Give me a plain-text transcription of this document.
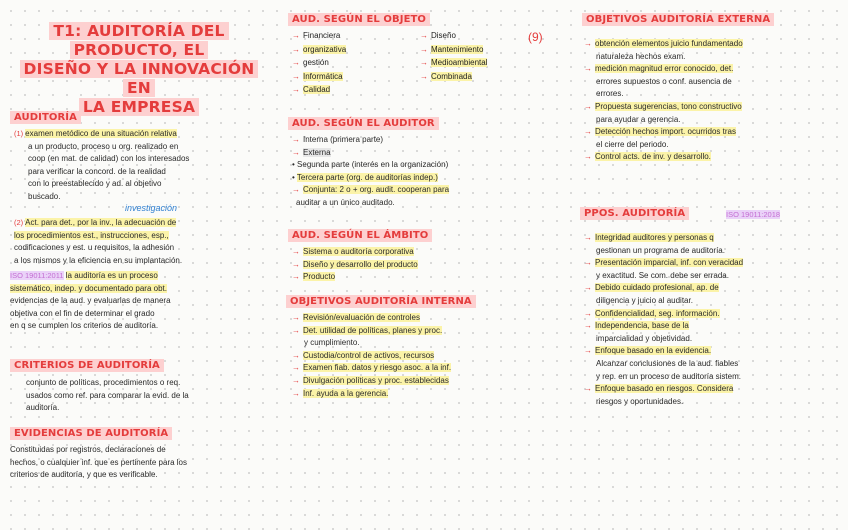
T1: AUDITORÍA DEL PRODUCTO, EL
DISEÑO Y LA INNOVACIÓN EN
LA EMPRESA
AUDITORÍA

(1) examen metódico de una situación relativa

a un producto, proceso u org. realizado en

coop (en mat. de calidad) con los interesados

para verificar la concord. de la realidad

con lo preestablecido y ad. al objetivo

buscado.

investigación

(2) Act. para det., por la inv., la adecuación de

los procedimientos est., instrucciones, esp.,

codificaciones y est. u requisitos, la adhesión

a los mismos y la eficiencia en su implantación.

ISO 19011:2011 la auditoría es un proceso

sistemático, indep. y documentado para obt.

evidencias de la aud. y evaluarlas de manera

objetiva con el fin de determinar el grado

en q se cumplen los criterios de auditoría.

CRITERIOS DE AUDITORÍA

conjunto de políticas, procedimientos o req.

usados como ref. para comparar la evid. de la

auditoría.

EVIDENCIAS DE AUDITORÍA

Constituidas por registros, declaraciones de

hechos, o cualquier inf. que es pertinente para los

criterios de auditoría, y que es verificable.

AUD. SEGÚN EL OBJETO
(9)
→ Financiera	→ Diseño
→ organizativa	→ Mantenimiento
→ gestión	→ Medioambiental
→ Informática	→ Combinada
→ Calidad
AUD. SEGÚN EL AUDITOR

→ Interna (primera parte)

→ Externa

• Segunda parte (interés en la organización)

• Tercera parte (org. de auditorías indep.)

→ Conjunta: 2 o + org. audit. cooperan para

auditar a un único auditado.

AUD. SEGÚN EL ÁMBITO

→ Sistema o auditoría corporativa

→ Diseño y desarrollo del producto

→ Producto

OBJETIVOS AUDITORÍA INTERNA

→ Revisión/evaluación de controles

→ Det. utilidad de políticas, planes y proc.

y cumplimiento.

→ Custodia/control de activos, recursos

→ Examen fiab. datos y riesgo asoc. a la inf.

→ Divulgación políticas y proc. establecidas

→ Inf. ayuda a la gerencia.

OBJETIVOS AUDITORÍA EXTERNA

→ obtención elementos juicio fundamentado

naturaleza hechos exam.

→ medición magnitud error conocido, det.

errores supuestos o conf. ausencia de

errores.

→ Propuesta sugerencias, tono constructivo

para ayudar a gerencia.

→ Detección hechos import. ocurridos tras

el cierre del periodo.

→ Control acts. de inv. y desarrollo.

PPOS. AUDITORÍA	ISO 19011:2018

→ Integridad auditores y personas q

gestionan un programa de auditoría.

→ Presentación imparcial, inf. con veracidad

y exactitud. Se com. debe ser errada.

→ Debido cuidado profesional, ap. de

diligencia y juicio al auditar.

→ Confidencialidad, seg. información.

→ Independencia, base de la

imparcialidad y objetividad.

→ Enfoque basado en la evidencia.

Alcanzar conclusiones de la aud. fiables

y rep. en un proceso de auditoría sistem.

→ Enfoque basado en riesgos. Considera

riesgos y oportunidades.
